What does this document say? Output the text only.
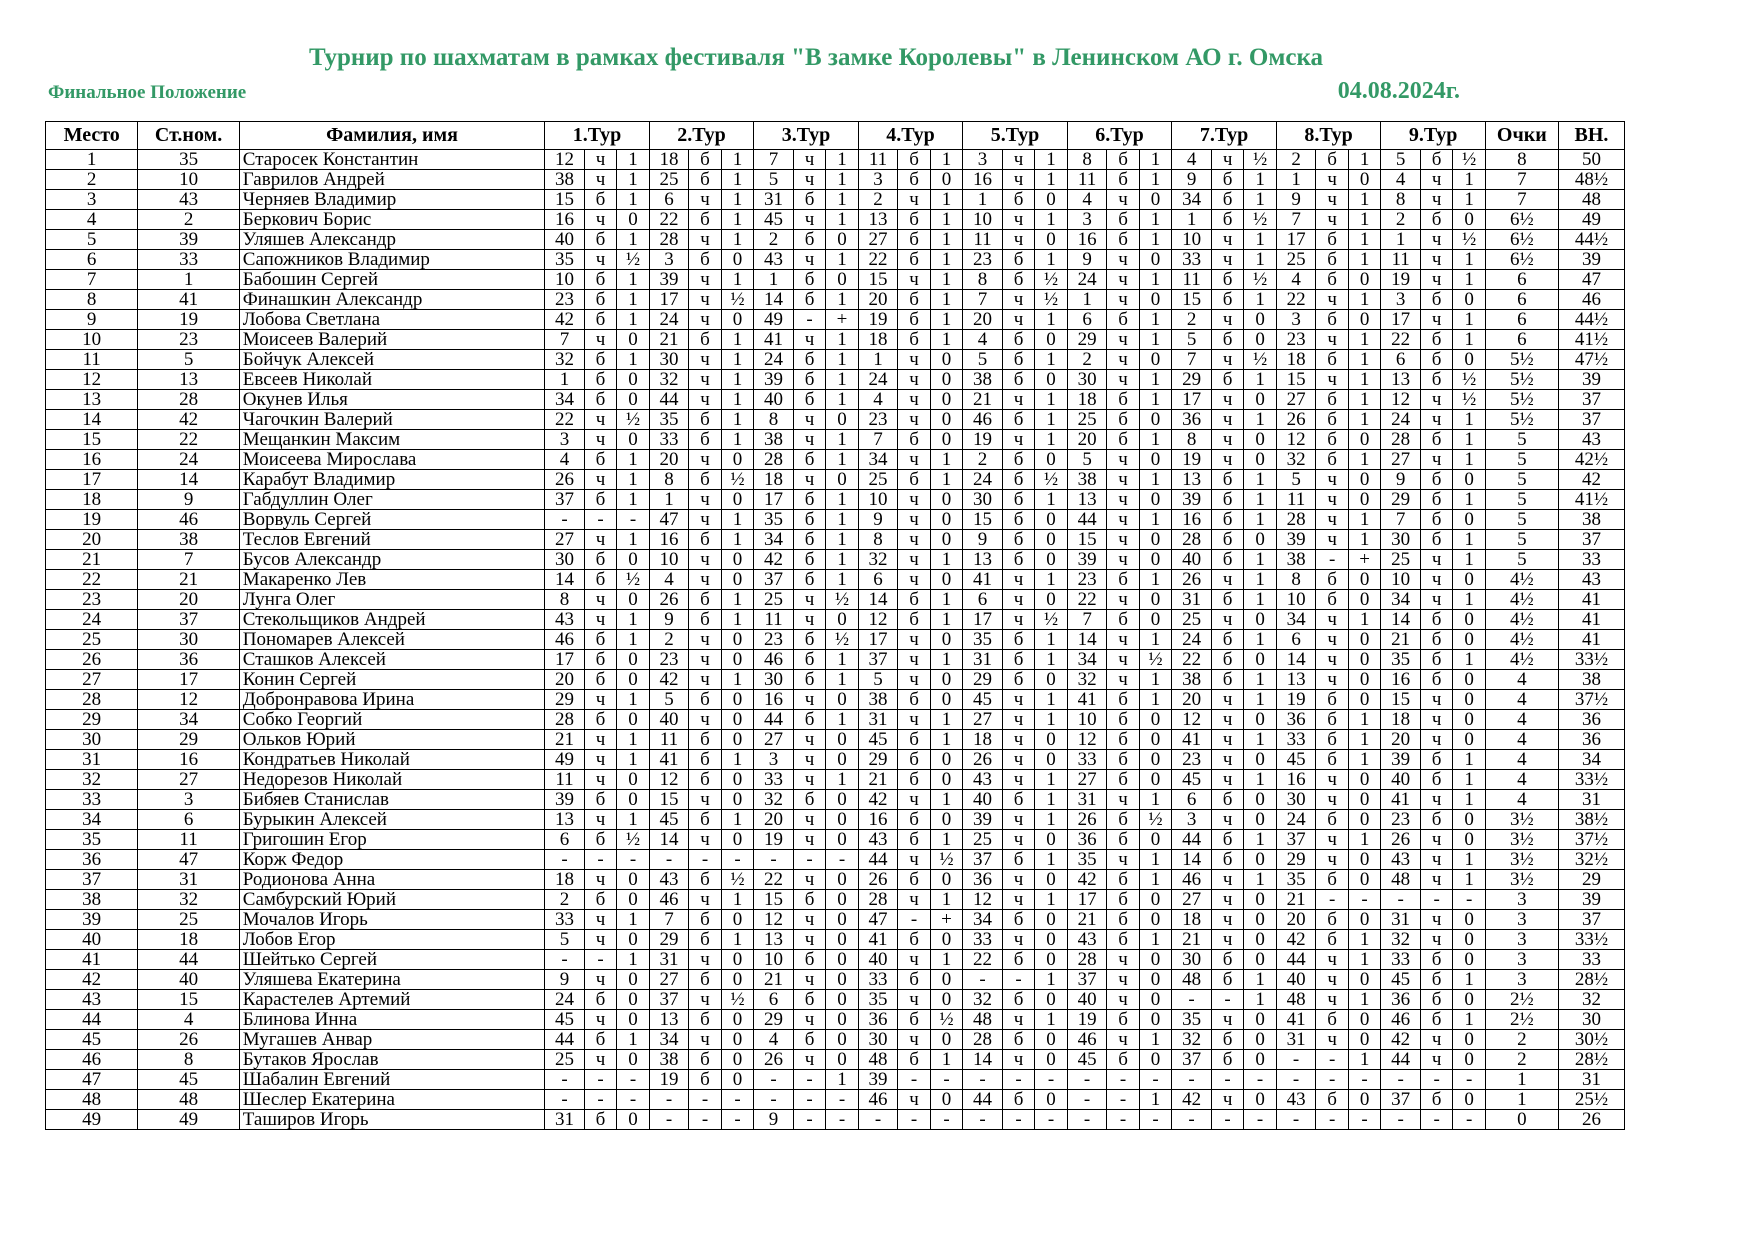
Турнир по шахматам в рамках фестиваля "В замке Королевы" в Ленинском АО г. Омска
Финальное Положение	04.08.2024г.
Место	Ст.ном.	Фамилия, имя	1.Тур			2.Тур			3.Тур			4.Тур			5.Тур			6.Тур			7.Тур			8.Тур			9.Тур			Очки	ВН.
1	35	Старосек Константин	12	ч	1	18	б	1	7	ч	1	11	б	1	3	ч	1	8	б	1	4	ч	½	2	б	1	5	б	½	8	50
2	10	Гаврилов Андрей	38	ч	1	25	б	1	5	ч	1	3	б	0	16	ч	1	11	б	1	9	б	1	1	ч	0	4	ч	1	7	48½
3	43	Черняев Владимир	15	б	1	6	ч	1	31	б	1	2	ч	1	1	б	0	4	ч	0	34	б	1	9	ч	1	8	ч	1	7	48
4	2	Беркович Борис	16	ч	0	22	б	1	45	ч	1	13	б	1	10	ч	1	3	б	1	1	б	½	7	ч	1	2	б	0	6½	49
5	39	Уляшев Александр	40	б	1	28	ч	1	2	б	0	27	б	1	11	ч	0	16	б	1	10	ч	1	17	б	1	1	ч	½	6½	44½
6	33	Сапожников Владимир	35	ч	½	3	б	0	43	ч	1	22	б	1	23	б	1	9	ч	0	33	ч	1	25	б	1	11	ч	1	6½	39
7	1	Бабошин Сергей	10	б	1	39	ч	1	1	б	0	15	ч	1	8	б	½	24	ч	1	11	б	½	4	б	0	19	ч	1	6	47
8	41	Финашкин Александр	23	б	1	17	ч	½	14	б	1	20	б	1	7	ч	½	1	ч	0	15	б	1	22	ч	1	3	б	0	6	46
9	19	Лобова Светлана	42	б	1	24	ч	0	49	-	+	19	б	1	20	ч	1	6	б	1	2	ч	0	3	б	0	17	ч	1	6	44½
10	23	Моисеев Валерий	7	ч	0	21	б	1	41	ч	1	18	б	1	4	б	0	29	ч	1	5	б	0	23	ч	1	22	б	1	6	41½
11	5	Бойчук Алексей	32	б	1	30	ч	1	24	б	1	1	ч	0	5	б	1	2	ч	0	7	ч	½	18	б	1	6	б	0	5½	47½
12	13	Евсеев Николай	1	б	0	32	ч	1	39	б	1	24	ч	0	38	б	0	30	ч	1	29	б	1	15	ч	1	13	б	½	5½	39
13	28	Окунев Илья	34	б	0	44	ч	1	40	б	1	4	ч	0	21	ч	1	18	б	1	17	ч	0	27	б	1	12	ч	½	5½	37
14	42	Чагочкин Валерий	22	ч	½	35	б	1	8	ч	0	23	ч	0	46	б	1	25	б	0	36	ч	1	26	б	1	24	ч	1	5½	37
15	22	Мещанкин Максим	3	ч	0	33	б	1	38	ч	1	7	б	0	19	ч	1	20	б	1	8	ч	0	12	б	0	28	б	1	5	43
16	24	Моисеева Мирослава	4	б	1	20	ч	0	28	б	1	34	ч	1	2	б	0	5	ч	0	19	ч	0	32	б	1	27	ч	1	5	42½
17	14	Карабут Владимир	26	ч	1	8	б	½	18	ч	0	25	б	1	24	б	½	38	ч	1	13	б	1	5	ч	0	9	б	0	5	42
18	9	Габдуллин Олег	37	б	1	1	ч	0	17	б	1	10	ч	0	30	б	1	13	ч	0	39	б	1	11	ч	0	29	б	1	5	41½
19	46	Ворвуль Сергей	-	-	-	47	ч	1	35	б	1	9	ч	0	15	б	0	44	ч	1	16	б	1	28	ч	1	7	б	0	5	38
20	38	Теслов Евгений	27	ч	1	16	б	1	34	б	1	8	ч	0	9	б	0	15	ч	0	28	б	0	39	ч	1	30	б	1	5	37
21	7	Бусов Александр	30	б	0	10	ч	0	42	б	1	32	ч	1	13	б	0	39	ч	0	40	б	1	38	-	+	25	ч	1	5	33
22	21	Макаренко Лев	14	б	½	4	ч	0	37	б	1	6	ч	0	41	ч	1	23	б	1	26	ч	1	8	б	0	10	ч	0	4½	43
23	20	Лунга Олег	8	ч	0	26	б	1	25	ч	½	14	б	1	6	ч	0	22	ч	0	31	б	1	10	б	0	34	ч	1	4½	41
24	37	Стекольщиков Андрей	43	ч	1	9	б	1	11	ч	0	12	б	1	17	ч	½	7	б	0	25	ч	0	34	ч	1	14	б	0	4½	41
25	30	Пономарев Алексей	46	б	1	2	ч	0	23	б	½	17	ч	0	35	б	1	14	ч	1	24	б	1	6	ч	0	21	б	0	4½	41
26	36	Сташков Алексей	17	б	0	23	ч	0	46	б	1	37	ч	1	31	б	1	34	ч	½	22	б	0	14	ч	0	35	б	1	4½	33½
27	17	Конин Сергей	20	б	0	42	ч	1	30	б	1	5	ч	0	29	б	0	32	ч	1	38	б	1	13	ч	0	16	б	0	4	38
28	12	Добронравова Ирина	29	ч	1	5	б	0	16	ч	0	38	б	0	45	ч	1	41	б	1	20	ч	1	19	б	0	15	ч	0	4	37½
29	34	Собко Георгий	28	б	0	40	ч	0	44	б	1	31	ч	1	27	ч	1	10	б	0	12	ч	0	36	б	1	18	ч	0	4	36
30	29	Ольков Юрий	21	ч	1	11	б	0	27	ч	0	45	б	1	18	ч	0	12	б	0	41	ч	1	33	б	1	20	ч	0	4	36
31	16	Кондратьев Николай	49	ч	1	41	б	1	3	ч	0	29	б	0	26	ч	0	33	б	0	23	ч	0	45	б	1	39	б	1	4	34
32	27	Недорезов Николай	11	ч	0	12	б	0	33	ч	1	21	б	0	43	ч	1	27	б	0	45	ч	1	16	ч	0	40	б	1	4	33½
33	3	Бибяев Станислав	39	б	0	15	ч	0	32	б	0	42	ч	1	40	б	1	31	ч	1	6	б	0	30	ч	0	41	ч	1	4	31
34	6	Бурыкин Алексей	13	ч	1	45	б	1	20	ч	0	16	б	0	39	ч	1	26	б	½	3	ч	0	24	б	0	23	б	0	3½	38½
35	11	Григошин Егор	6	б	½	14	ч	0	19	ч	0	43	б	1	25	ч	0	36	б	0	44	б	1	37	ч	1	26	ч	0	3½	37½
36	47	Корж Федор	-	-	-	-	-	-	-	-	-	44	ч	½	37	б	1	35	ч	1	14	б	0	29	ч	0	43	ч	1	3½	32½
37	31	Родионова Анна	18	ч	0	43	б	½	22	ч	0	26	б	0	36	ч	0	42	б	1	46	ч	1	35	б	0	48	ч	1	3½	29
38	32	Самбурский Юрий	2	б	0	46	ч	1	15	б	0	28	ч	1	12	ч	1	17	б	0	27	ч	0	21	-	-	-	-	-	3	39
39	25	Мочалов Игорь	33	ч	1	7	б	0	12	ч	0	47	-	+	34	б	0	21	б	0	18	ч	0	20	б	0	31	ч	0	3	37
40	18	Лобов Егор	5	ч	0	29	б	1	13	ч	0	41	б	0	33	ч	0	43	б	1	21	ч	0	42	б	1	32	ч	0	3	33½
41	44	Шейтько Сергей	-	-	1	31	ч	0	10	б	0	40	ч	1	22	б	0	28	ч	0	30	б	0	44	ч	1	33	б	0	3	33
42	40	Уляшева Екатерина	9	ч	0	27	б	0	21	ч	0	33	б	0	-	-	1	37	ч	0	48	б	1	40	ч	0	45	б	1	3	28½
43	15	Карастелев Артемий	24	б	0	37	ч	½	6	б	0	35	ч	0	32	б	0	40	ч	0	-	-	1	48	ч	1	36	б	0	2½	32
44	4	Блинова Инна	45	ч	0	13	б	0	29	ч	0	36	б	½	48	ч	1	19	б	0	35	ч	0	41	б	0	46	б	1	2½	30
45	26	Мугашев Анвар	44	б	1	34	ч	0	4	б	0	30	ч	0	28	б	0	46	ч	1	32	б	0	31	ч	0	42	ч	0	2	30½
46	8	Бутаков Ярослав	25	ч	0	38	б	0	26	ч	0	48	б	1	14	ч	0	45	б	0	37	б	0	-	-	1	44	ч	0	2	28½
47	45	Шабалин Евгений	-	-	-	19	б	0	-	-	1	39	-	-	-	-	-	-	-	-	-	-	-	-	-	-	-	-	-	1	31
48	48	Шеслер Екатерина	-	-	-	-	-	-	-	-	-	46	ч	0	44	б	0	-	-	1	42	ч	0	43	б	0	37	б	0	1	25½
49	49	Таширов Игорь	31	б	0	-	-	-	9	-	-	-	-	-	-	-	-	-	-	-	-	-	-	-	-	-	-	-	-	0	26
